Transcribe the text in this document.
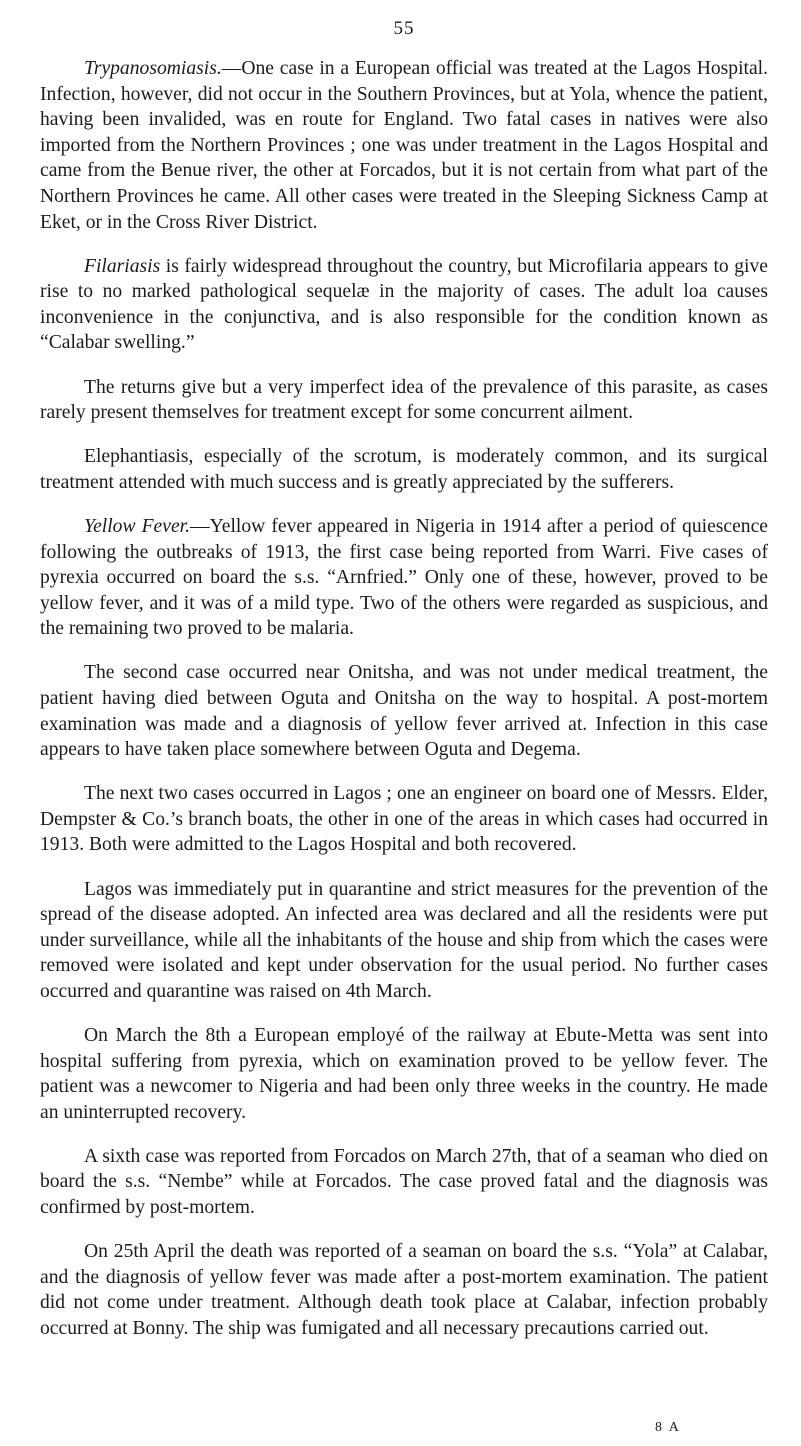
55

Trypanosomiasis.—One case in a European official was treated at the Lagos Hospital. Infection, however, did not occur in the Southern Provinces, but at Yola, whence the patient, having been invalided, was en route for England. Two fatal cases in natives were also imported from the Northern Provinces ; one was under treatment in the Lagos Hospital and came from the Benue river, the other at Forcados, but it is not certain from what part of the Northern Provinces he came. All other cases were treated in the Sleeping Sickness Camp at Eket, or in the Cross River District.

Filariasis is fairly widespread throughout the country, but Microfilaria appears to give rise to no marked pathological sequelæ in the majority of cases. The adult loa causes inconvenience in the conjunctiva, and is also responsible for the condition known as “Calabar swelling.”

The returns give but a very imperfect idea of the prevalence of this parasite, as cases rarely present themselves for treatment except for some concurrent ailment.

Elephantiasis, especially of the scrotum, is moderately common, and its surgical treatment attended with much success and is greatly appreciated by the sufferers.

Yellow Fever.—Yellow fever appeared in Nigeria in 1914 after a period of quiescence following the outbreaks of 1913, the first case being reported from Warri. Five cases of pyrexia occurred on board the s.s. “Arnfried.” Only one of these, however, proved to be yellow fever, and it was of a mild type. Two of the others were regarded as suspicious, and the remaining two proved to be malaria.

The second case occurred near Onitsha, and was not under medical treatment, the patient having died between Oguta and Onitsha on the way to hospital. A post-mortem examination was made and a diagnosis of yellow fever arrived at. Infection in this case appears to have taken place somewhere between Oguta and Degema.

The next two cases occurred in Lagos ; one an engineer on board one of Messrs. Elder, Dempster & Co.’s branch boats, the other in one of the areas in which cases had occurred in 1913. Both were admitted to the Lagos Hospital and both recovered.

Lagos was immediately put in quarantine and strict measures for the prevention of the spread of the disease adopted. An infected area was declared and all the residents were put under surveillance, while all the inhabitants of the house and ship from which the cases were removed were isolated and kept under observation for the usual period. No further cases occurred and quarantine was raised on 4th March.

On March the 8th a European employé of the railway at Ebute-Metta was sent into hospital suffering from pyrexia, which on examination proved to be yellow fever. The patient was a newcomer to Nigeria and had been only three weeks in the country. He made an uninterrupted recovery.

A sixth case was reported from Forcados on March 27th, that of a seaman who died on board the s.s. “Nembe” while at Forcados. The case proved fatal and the diagnosis was confirmed by post-mortem.

On 25th April the death was reported of a seaman on board the s.s. “Yola” at Calabar, and the diagnosis of yellow fever was made after a post-mortem examination. The patient did not come under treatment. Although death took place at Calabar, infection probably occurred at Bonny. The ship was fumigated and all necessary precautions carried out.

8 A
